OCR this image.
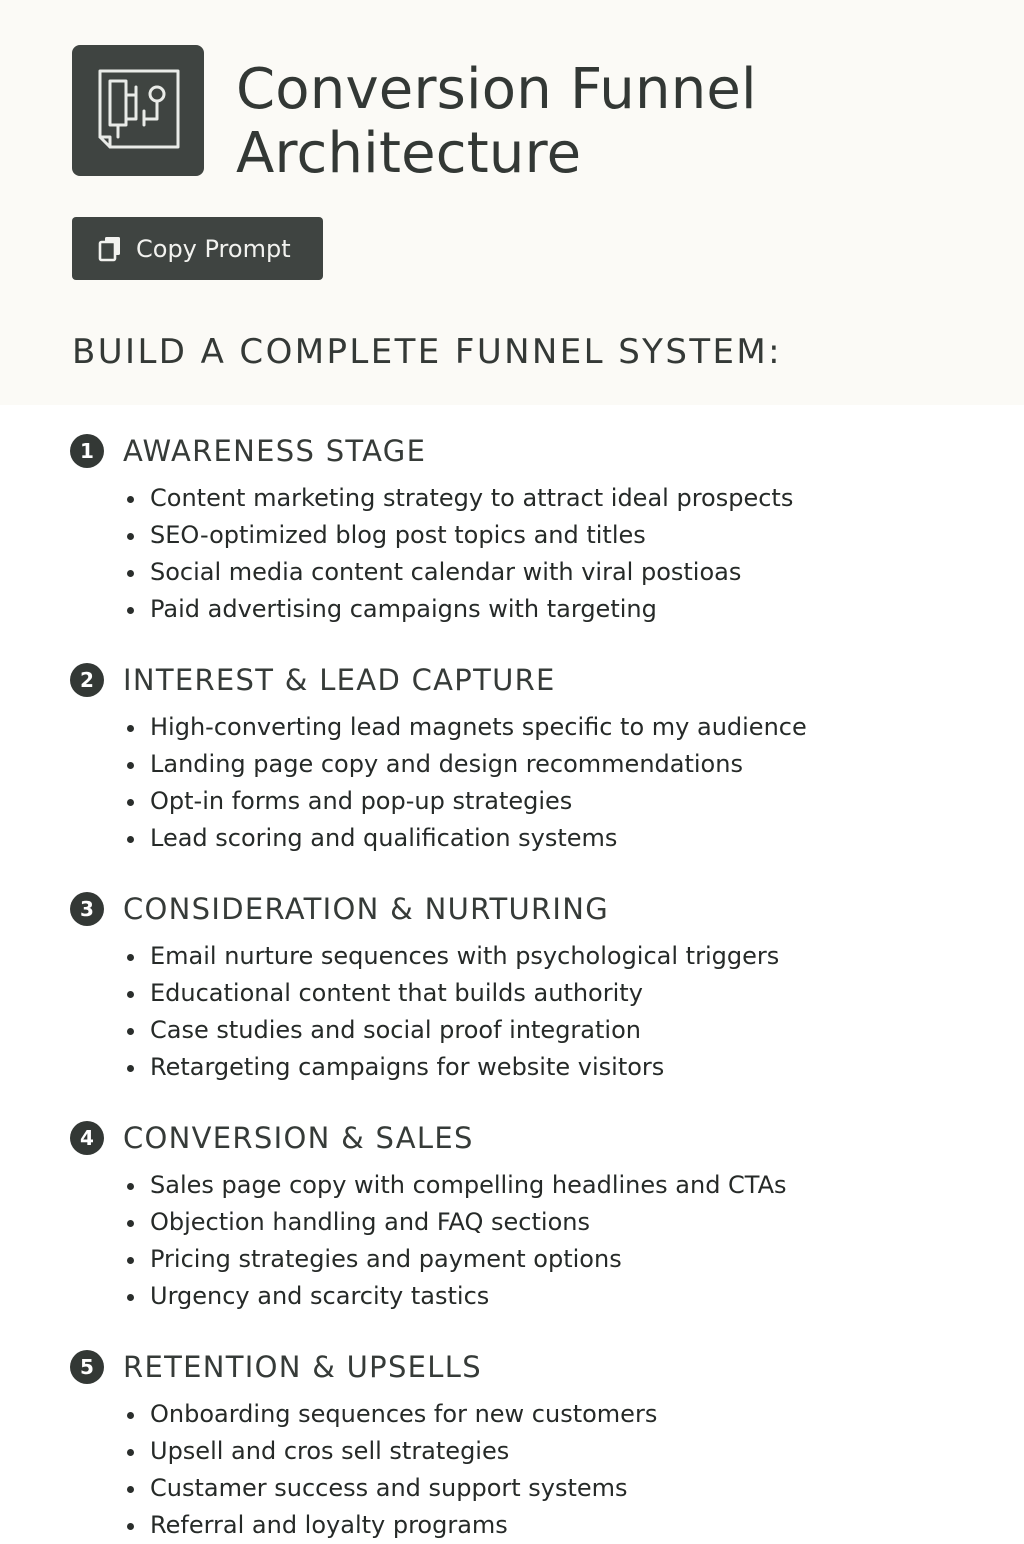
Conversion Funnel
Architecture
Copy Prompt
BUILD A COMPLETE FUNNEL SYSTEM:
1	AWARENESS STAGE
Content marketing strategy to attract ideal prospects
SEO-optimized blog post topics and titles
Social media content calendar with viral postioas
Paid advertising campaigns with targeting
2	INTEREST & LEAD CAPTURE
High-converting lead magnets specific to my audience
Landing page copy and design recommendations
Opt-in forms and pop-up strategies
Lead scoring and qualification systems
3	CONSIDERATION & NURTURING
Email nurture sequences with psychological triggers
Educational content that builds authority
Case studies and social proof integration
Retargeting campaigns for website visitors
4	CONVERSION & SALES
Sales page copy with compelling headlines and CTAs
Objection handling and FAQ sections
Pricing strategies and payment options
Urgency and scarcity tastics
5	RETENTION & UPSELLS
Onboarding sequences for new customers
Upsell and cros sell strategies
Custamer success and support systems
Referral and loyalty programs
